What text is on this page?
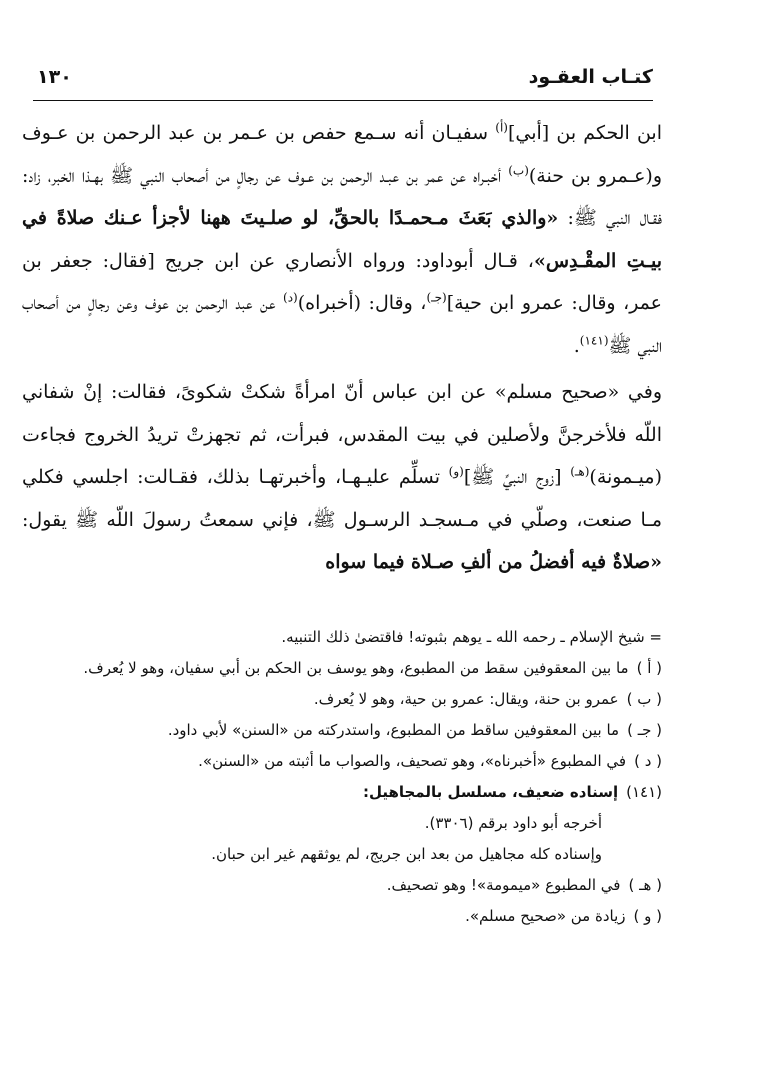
١٣٠	كتـاب العقـود

ابن الحكم بن [أبي]$^{(أ)}$ سفيـان أنه سـمع حفص بن عـمر بن عبد الرحمن بن عـوف و(عـمرو بن حنة)$^{(ب)}$ أخبـراه عن عمر بن عبـد الرحمن بن عـوف عن رجالٍ من أصحاب النبي ﷺ بهـذا الخبر، زاد: فقـال النبي ﷺ: «والذي بَعَثَ مـحمـدًا بالحقِّ، لو صلـيتَ ههنا لأجزأ عـنك صلاةً في بيـتِ المقْـدِس»، قـال أبوداود: ورواه الأنصاري عن ابن جريج [فقال: جعفر بن عمر، وقال: عمرو ابن حية]$^{(جـ)}$، وقال: (أخبراه)$^{(د)}$ عن عبد الرحمن بن عوف وعن رجالٍ من أصحاب النبي ﷺ$^{(١٤١)}$.

وفي «صحيح مسلم» عن ابن عباس أنّ امرأةً شكتْ شكوىً، فقالت: إنْ شفاني اللّه فلأخرجنَّ ولأصلين في بيت المقدس، فبرأت، ثم تجهزتْ تريدُ الخروج فجاءت (ميـمونة)$^{(هـ)}$ [زوج النبيِّ ﷺ]$^{(و)}$ تسلِّم عليـهـا، وأخبرتهـا بذلك، فقـالت: اجلسي فكلي مـا صنعت، وصلّي في مـسجـد الرسـول ﷺ، فإني سمعتُ رسولَ اللّه ﷺ يقول: «صلاةٌ فيه أفضلُ من ألفِ صـلاة فيما سواه

= شيخ الإسلام ـ رحمه الله ـ يوهم بثبوته! فاقتضىٰ ذلك التنبيه.
( أ )
ما بين المعقوفين سقط من المطبوع، وهو يوسف بن الحكم بن أبي سفيان، وهو لا يُعرف.
( ب )
عمرو بن حنة، ويقال: عمرو بن حية، وهو لا يُعرف.
( جـ )
ما بين المعقوفين ساقط من المطبوع، واستدركته من «السنن» لأبي داود.
( د )
في المطبوع «أخبرناه»، وهو تصحيف، والصواب ما أثبته من «السنن».
(١٤١)
إسناده ضعيف، مسلسل بالمجاهيل:
أخرجه أبو داود برقم (٣٣٠٦).
وإسناده كله مجاهيل من بعد ابن جريج، لم يوثقهم غير ابن حبان.
( هـ )
في المطبوع «ميمومة»! وهو تصحيف.
( و )
زيادة من «صحيح مسلم».
